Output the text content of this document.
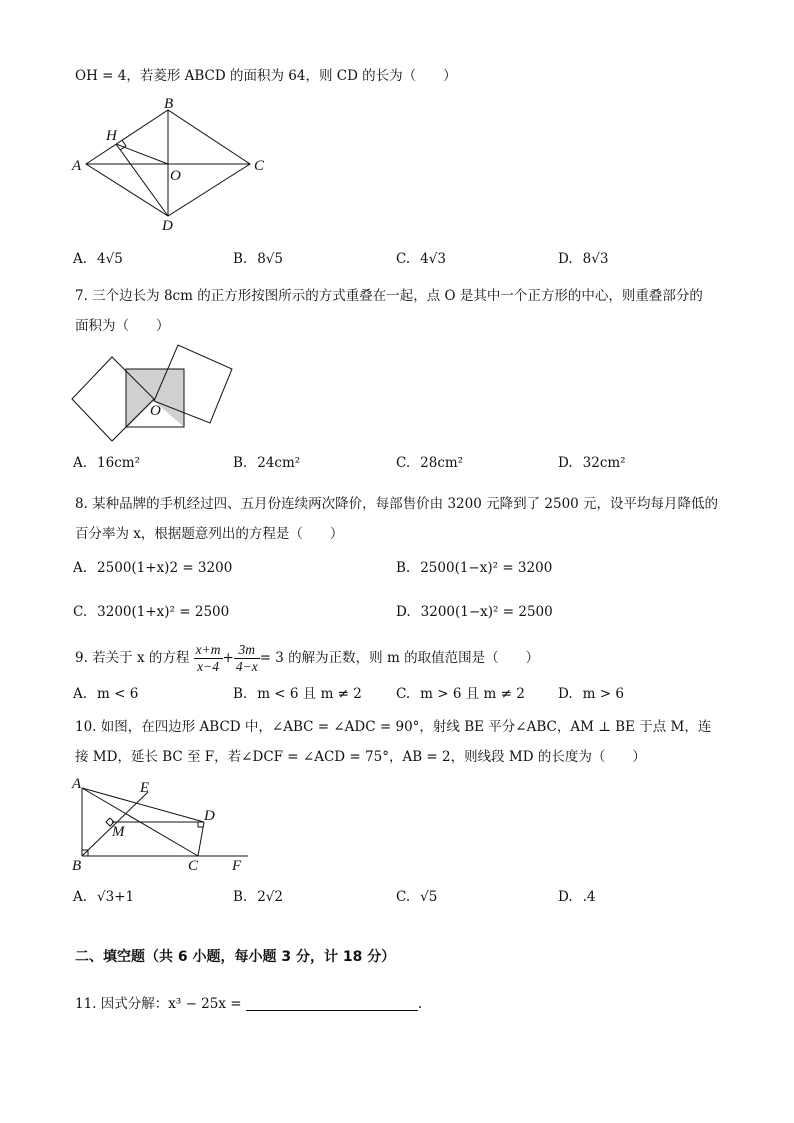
OH = 4，若菱形 ABCD 的面积为 64，则 CD 的长为（　　）
A
B
C
D
O
H
A. 4√5	B. 8√5	C. 4√3	D. 8√3
7. 三个边长为 8cm 的正方形按图所示的方式重叠在一起，点 O 是其中一个正方形的中心，则重叠部分的
面积为（　　）
O
A. 16cm²	B. 24cm²	C. 28cm²	D. 32cm²
8. 某种品牌的手机经过四、五月份连续两次降价，每部售价由 3200 元降到了 2500 元，设平均每月降低的
百分率为 x，根据题意列出的方程是（　　）
A. 2500(1+x)2 = 3200	B. 2500(1−x)² = 3200
C. 3200(1+x)² = 2500	D. 3200(1−x)² = 2500
9. 若关于 x 的方程 $\frac{x+m}{x-4} + \frac{3m}{4-x} = 3$ 的解为正数，则 m 的取值范围是（　　）
A. m < 6	B. m < 6 且 m ≠ 2	C. m > 6 且 m ≠ 2 D. m > 6
10. 如图，在四边形 ABCD 中，∠ABC = ∠ADC = 90°，射线 BE 平分∠ABC，AM ⊥ BE 于点 M，连
接 MD，延长 BC 至 F，若∠DCF = ∠ACD = 75°，AB = 2，则线段 MD 的长度为（　　）
A	E
D
M
B	C F
A. √3+1	B. 2√2	C. √5	D. .4
二、填空题（共 6 小题，每小题 3 分，计 18 分）
11. 因式分解：x³ − 25x =	.
